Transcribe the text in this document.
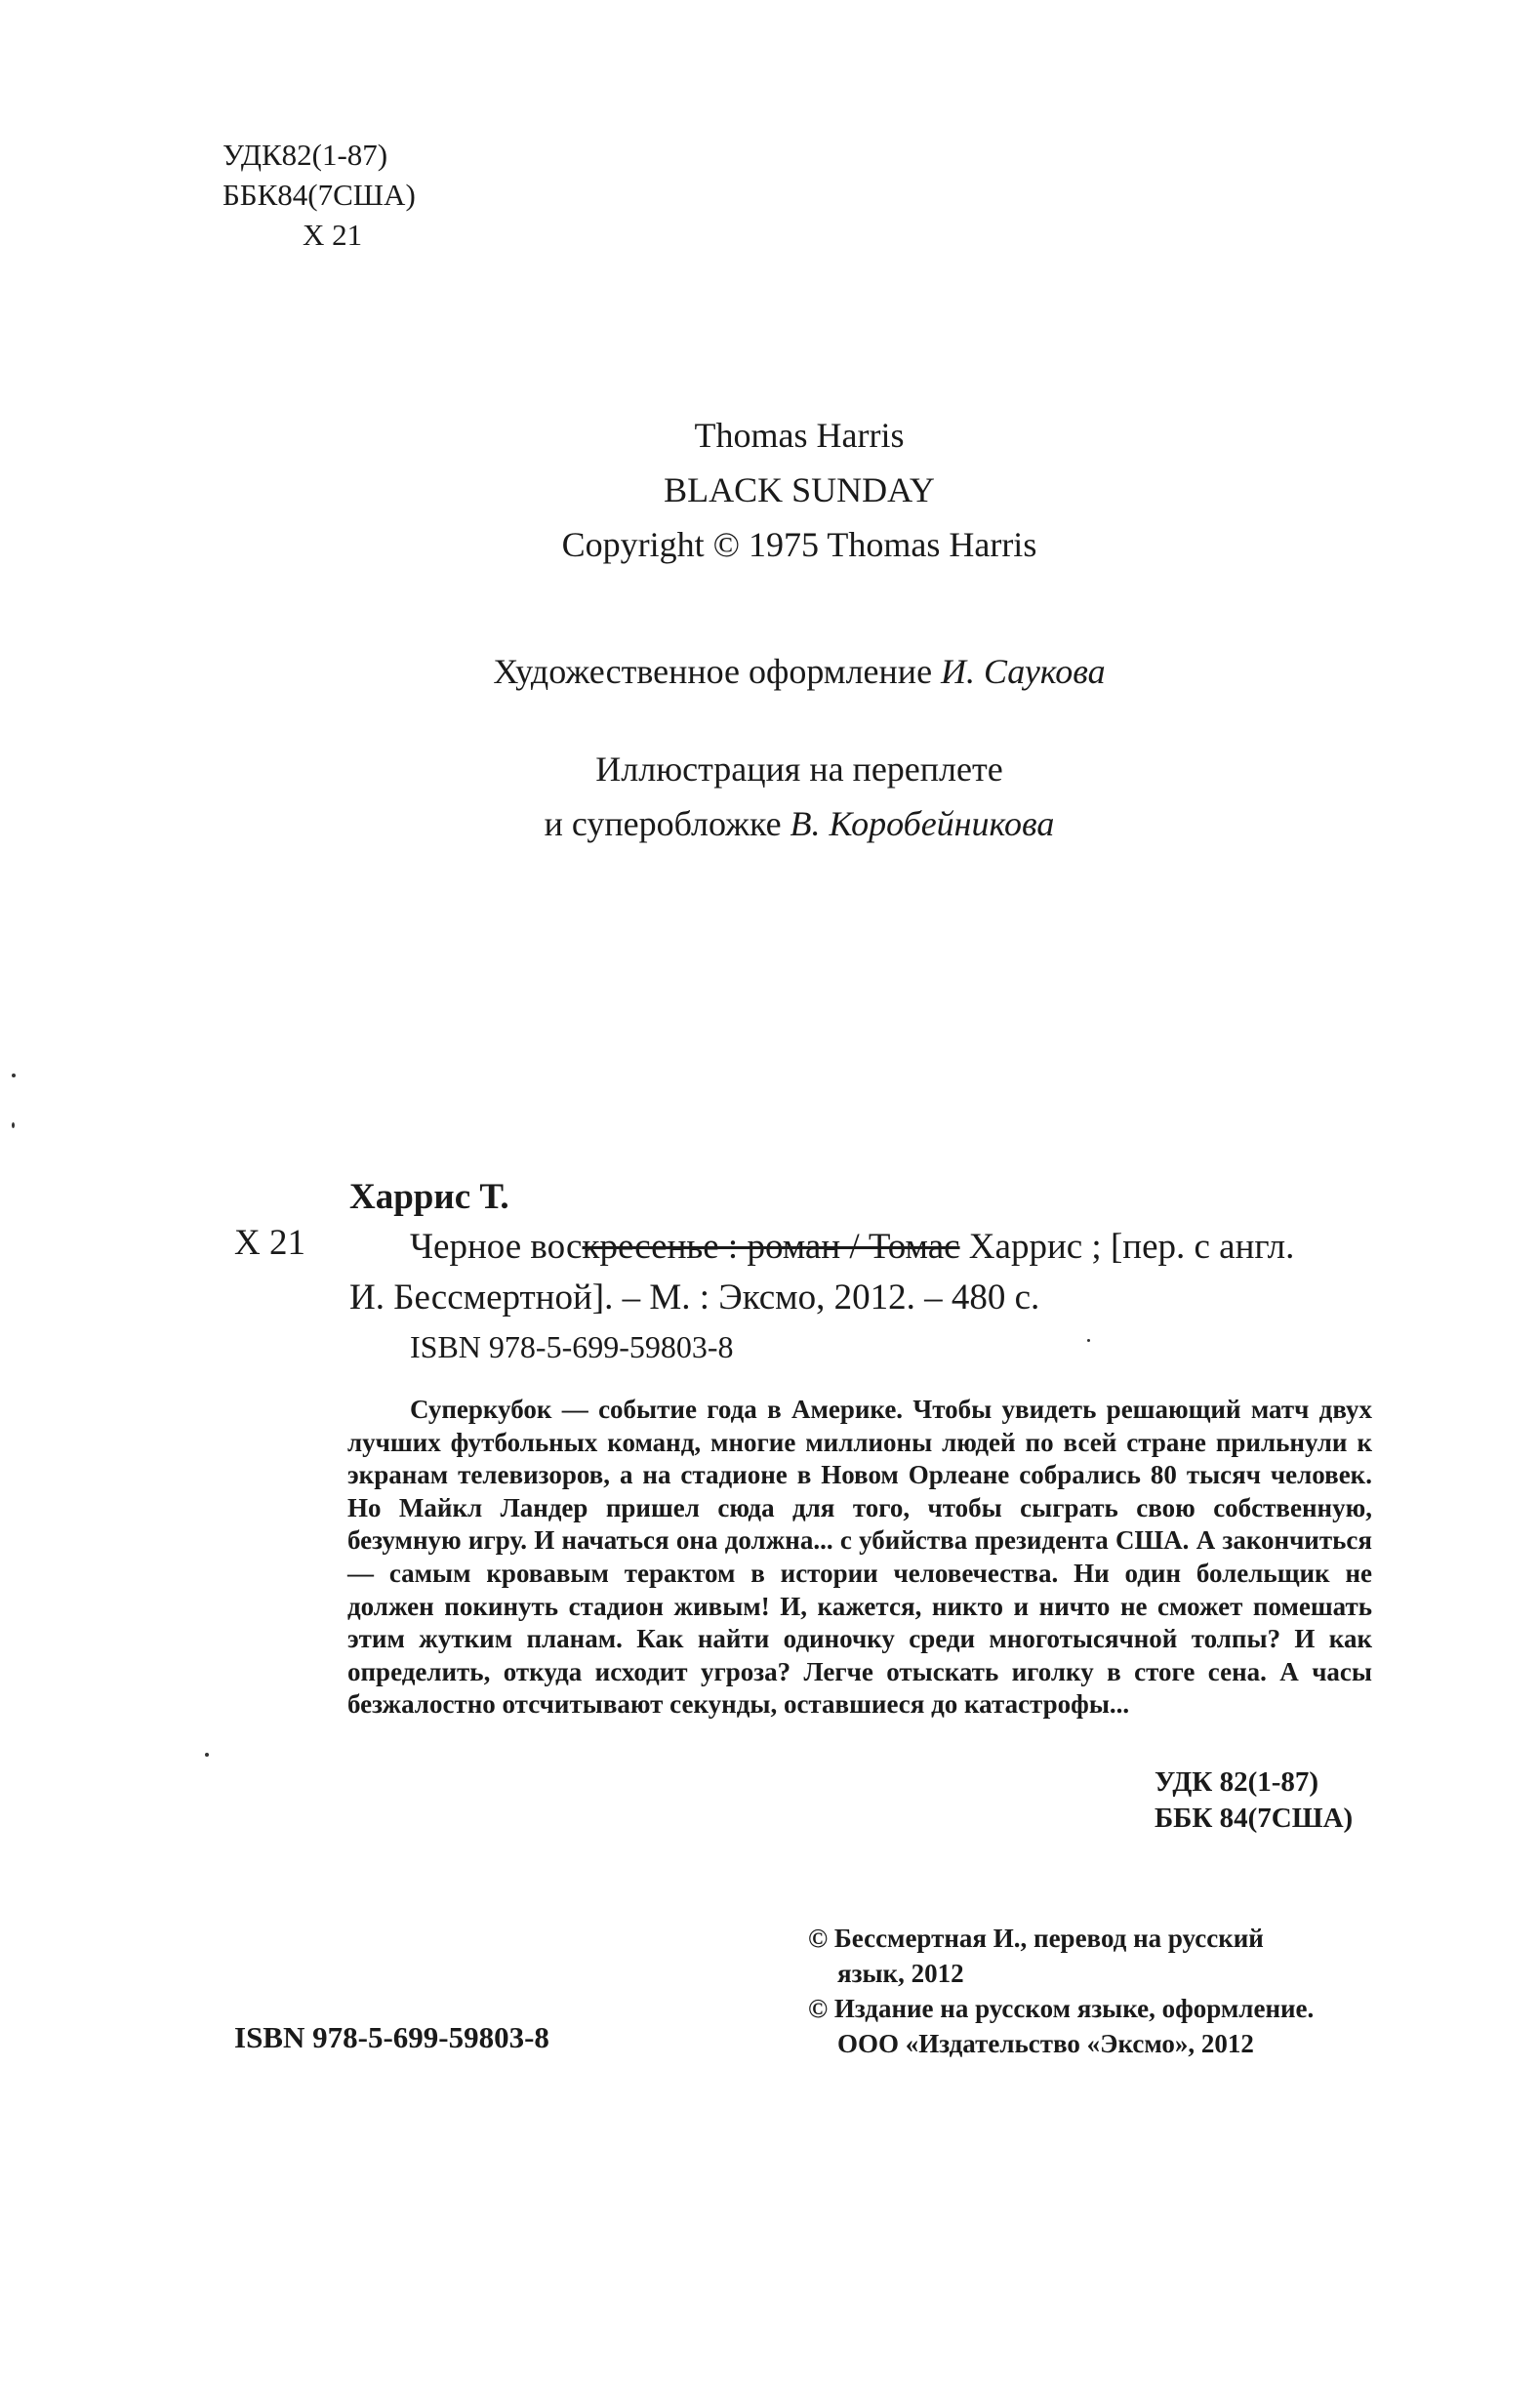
УДК82(1-87)
ББК84(7США)
Х 21
Thomas Harris
BLACK SUNDAY
Copyright © 1975 Thomas Harris
Художественное оформление И. Саукова
Иллюстрация на переплете
и суперобложке В. Коробейникова
Харрис Т.
Х 21	Черное воскресенье : роман / Томас Харрис ; [пер. с англ.
И. Бессмертной]. – М. : Эксмо, 2012. – 480 с.
ISBN 978-5-699-59803-8
Суперкубок — событие года в Америке. Чтобы увидеть решающий матч двух лучших футбольных команд, многие миллионы людей по всей стране прильнули к экранам телевизоров, а на стадионе в Новом Орлеане собрались 80 тысяч человек. Но Майкл Ландер пришел сюда для того, чтобы сыграть свою собственную, безумную игру. И начаться она должна... с убийства президента США. А закончиться — самым кровавым терактом в истории человечества. Ни один болельщик не должен покинуть стадион живым! И, кажется, никто и ничто не сможет помешать этим жутким планам. Как найти одиночку среди многотысячной толпы? И как определить, откуда исходит угроза? Легче отыскать иголку в стоге сена. А часы безжалостно отсчитывают секунды, оставшиеся до катастрофы...
УДК 82(1-87)
ББК 84(7США)
© Бессмертная И., перевод на русский
язык, 2012
© Издание на русском языке, оформление.
ООО «Издательство «Эксмо», 2012
ISBN 978-5-699-59803-8
